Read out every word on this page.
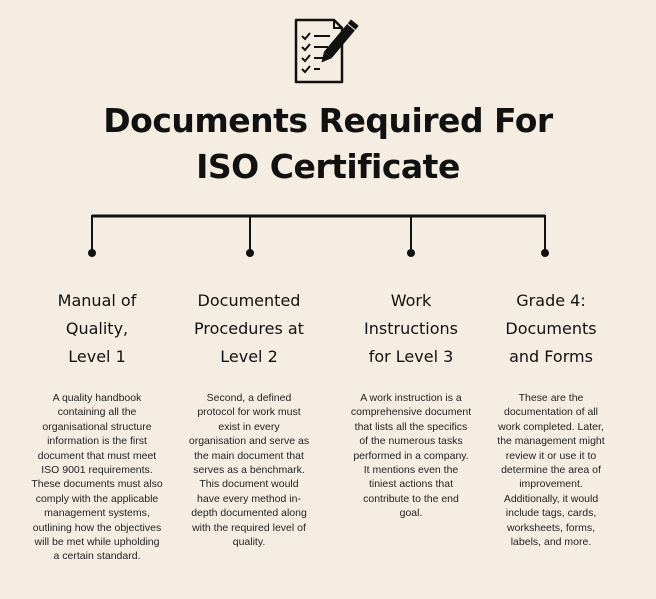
Documents Required For
ISO Certificate
Manual of
Quality,
Level 1
A quality handbook
containing all the
organisational structure
information is the first
document that must meet
ISO 9001 requirements.
These documents must also
comply with the applicable
management systems,
outlining how the objectives
will be met while upholding
a certain standard.
Documented
Procedures at
Level 2
Second, a defined
protocol for work must
exist in every
organisation and serve as
the main document that
serves as a benchmark.
This document would
have every method in-
depth documented along
with the required level of
quality.
Work
Instructions
for Level 3
A work instruction is a
comprehensive document
that lists all the specifics
of the numerous tasks
performed in a company.
It mentions even the
tiniest actions that
contribute to the end
goal.
Grade 4:
Documents
and Forms
These are the
documentation of all
work completed. Later,
the management might
review it or use it to
determine the area of
improvement.
Additionally, it would
include tags, cards,
worksheets, forms,
labels, and more.
